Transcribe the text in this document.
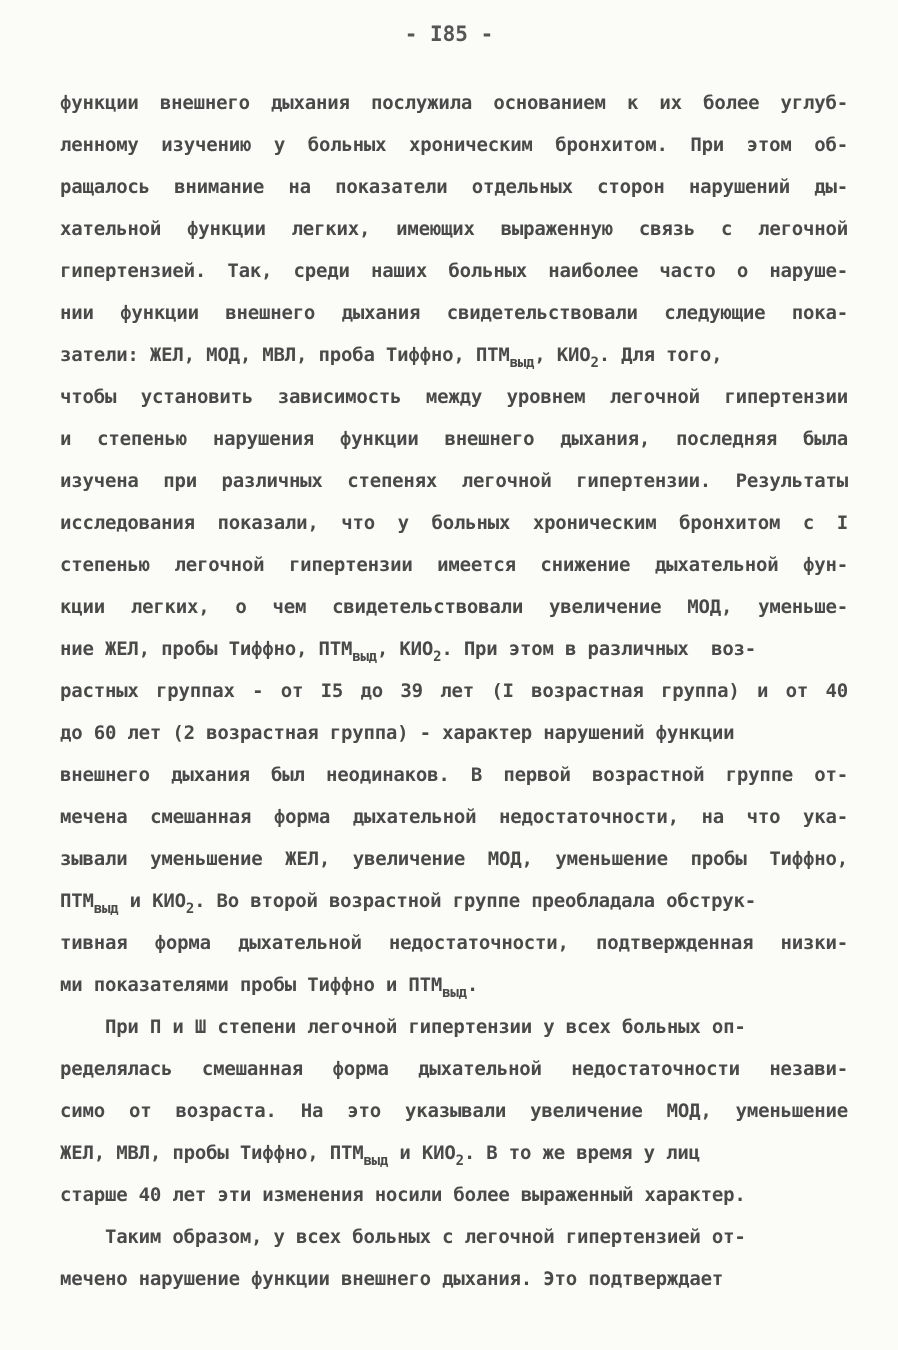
- I85 -
функции внешнего дыхания послужила основанием к их более углуб-
ленному изучению у больных хроническим бронхитом. При этом об-
ращалось внимание на показатели отдельных сторон нарушений ды-
хательной функции легких, имеющих выраженную связь с легочной
гипертензией. Так, среди наших больных наиболее часто о наруше-
нии функции внешнего дыхания свидетельствовали следующие пока-
затели: ЖЕЛ, МОД, МВЛ, проба Тиффно, $ПТМ_{выд}$, $КИО_2$. Для того,
чтобы установить зависимость между уровнем легочной гипертензии
и степенью нарушения функции внешнего дыхания, последняя была
изучена при различных степенях легочной гипертензии. Результаты
исследования показали, что у больных хроническим бронхитом с I
степенью легочной гипертензии имеется снижение дыхательной фун-
кции легких, о чем свидетельствовали увеличение МОД, уменьше-
ние ЖЕЛ, пробы Тиффно, $ПТМ_{выд}$, $КИО_2$. При этом в различных  воз-
растных группах - от I5 до 39 лет (I возрастная группа) и от 40
до 60 лет (2 возрастная группа) - характер нарушений функции
внешнего дыхания был неодинаков. В первой возрастной группе от-
мечена смешанная форма дыхательной недостаточности, на что ука-
зывали уменьшение ЖЕЛ, увеличение МОД, уменьшение пробы Тиффно,
$ПТМ_{выд}$ и $КИО_2$. Во второй возрастной группе преобладала обструк-
тивная форма дыхательной недостаточности, подтвержденная низки-
ми показателями пробы Тиффно и $ПТМ_{выд}$.
При П и Ш степени легочной гипертензии у всех больных оп-
ределялась смешанная форма дыхательной недостаточности незави-
симо от возраста. На это указывали увеличение МОД, уменьшение
ЖЕЛ, МВЛ, пробы Тиффно, $ПТМ_{выд}$ и $КИО_2$. В то же время у лиц
старше 40 лет эти изменения носили более выраженный характер.
Таким образом, у всех больных с легочной гипертензией от-
мечено нарушение функции внешнего дыхания. Это подтверждает
